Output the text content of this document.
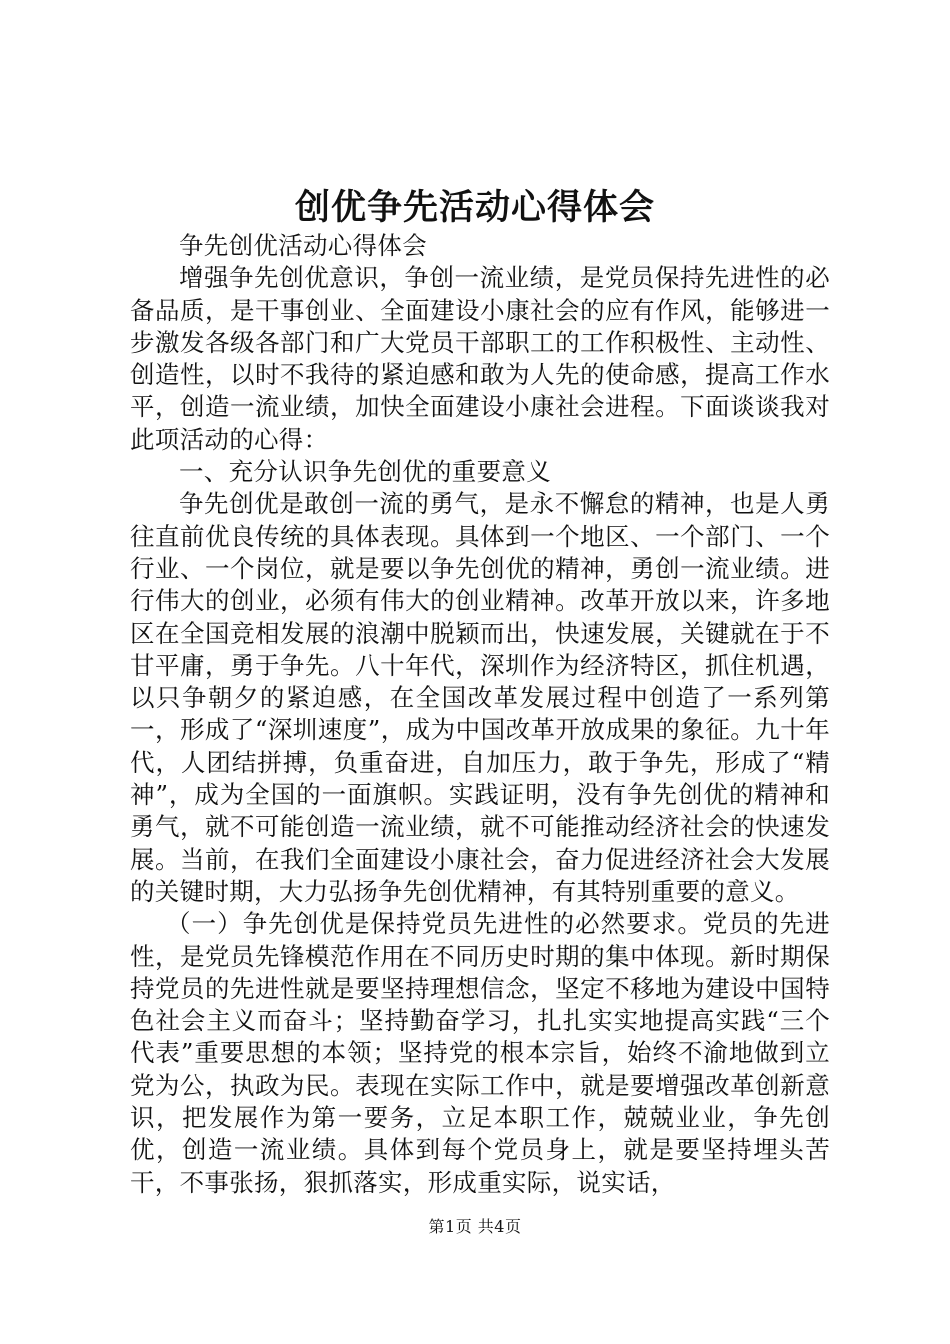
创优争先活动心得体会

争先创优活动心得体会

增强争先创优意识，争创一流业绩，是党员保持先进性的必备品质，是干事创业、全面建设小康社会的应有作风，能够进一步激发各级各部门和广大党员干部职工的工作积极性、主动性、创造性，以时不我待的紧迫感和敢为人先的使命感，提高工作水平，创造一流业绩，加快全面建设小康社会进程。下面谈谈我对此项活动的心得：

一、充分认识争先创优的重要意义

争先创优是敢创一流的勇气，是永不懈怠的精神，也是人勇往直前优良传统的具体表现。具体到一个地区、一个部门、一个行业、一个岗位，就是要以争先创优的精神，勇创一流业绩。进行伟大的创业，必须有伟大的创业精神。改革开放以来，许多地区在全国竞相发展的浪潮中脱颖而出，快速发展，关键就在于不甘平庸，勇于争先。八十年代，深圳作为经济特区，抓住机遇，以只争朝夕的紧迫感，在全国改革发展过程中创造了一系列第一，形成了“深圳速度”，成为中国改革开放成果的象征。九十年代，人团结拼搏，负重奋进，自加压力，敢于争先，形成了“精神”，成为全国的一面旗帜。实践证明，没有争先创优的精神和勇气，就不可能创造一流业绩，就不可能推动经济社会的快速发展。当前，在我们全面建设小康社会，奋力促进经济社会大发展的关键时期，大力弘扬争先创优精神，有其特别重要的意义。

（一）争先创优是保持党员先进性的必然要求。党员的先进性，是党员先锋模范作用在不同历史时期的集中体现。新时期保持党员的先进性就是要坚持理想信念，坚定不移地为建设中国特色社会主义而奋斗；坚持勤奋学习，扎扎实实地提高实践“三个代表”重要思想的本领；坚持党的根本宗旨，始终不渝地做到立党为公，执政为民。表现在实际工作中，就是要增强改革创新意识，把发展作为第一要务，立足本职工作，兢兢业业，争先创优，创造一流业绩。具体到每个党员身上，就是要坚持埋头苦干，不事张扬，狠抓落实，形成重实际，说实话，

第1页 共4页
